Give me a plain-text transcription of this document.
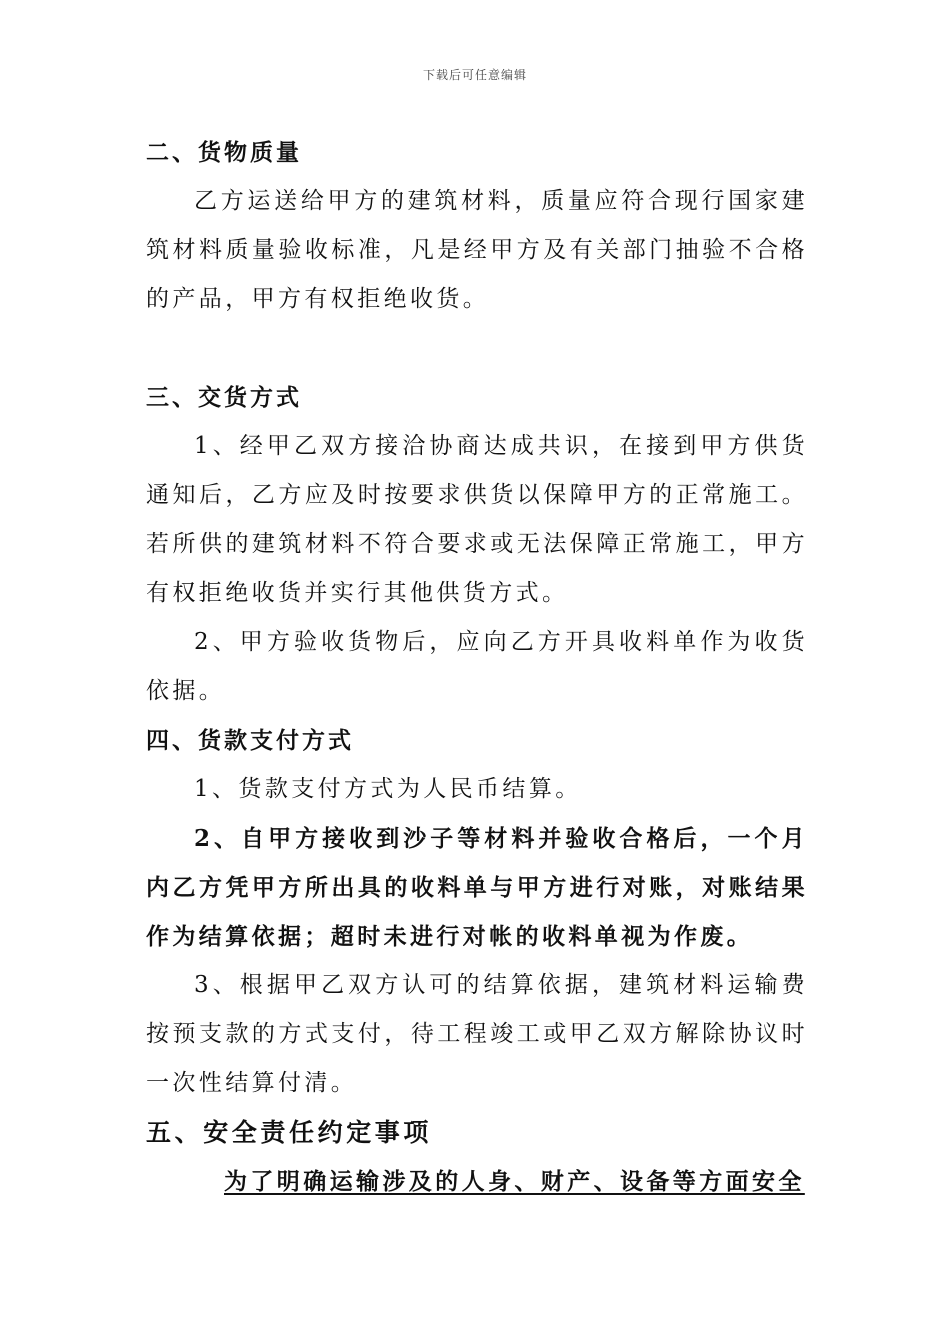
下载后可任意编辑

二、货物质量

乙方运送给甲方的建筑材料，质量应符合现行国家建筑材料质量验收标准，凡是经甲方及有关部门抽验不合格的产品，甲方有权拒绝收货。

三、交货方式

1、经甲乙双方接洽协商达成共识，在接到甲方供货通知后，乙方应及时按要求供货以保障甲方的正常施工。若所供的建筑材料不符合要求或无法保障正常施工，甲方有权拒绝收货并实行其他供货方式。

2、甲方验收货物后，应向乙方开具收料单作为收货依据。

四、货款支付方式

1、货款支付方式为人民币结算。

2、自甲方接收到沙子等材料并验收合格后，一个月内乙方凭甲方所出具的收料单与甲方进行对账，对账结果作为结算依据；超时未进行对帐的收料单视为作废。

3、根据甲乙双方认可的结算依据，建筑材料运输费按预支款的方式支付，待工程竣工或甲乙双方解除协议时一次性结算付清。

五、安全责任约定事项

为了明确运输涉及的人身、财产、设备等方面安全
